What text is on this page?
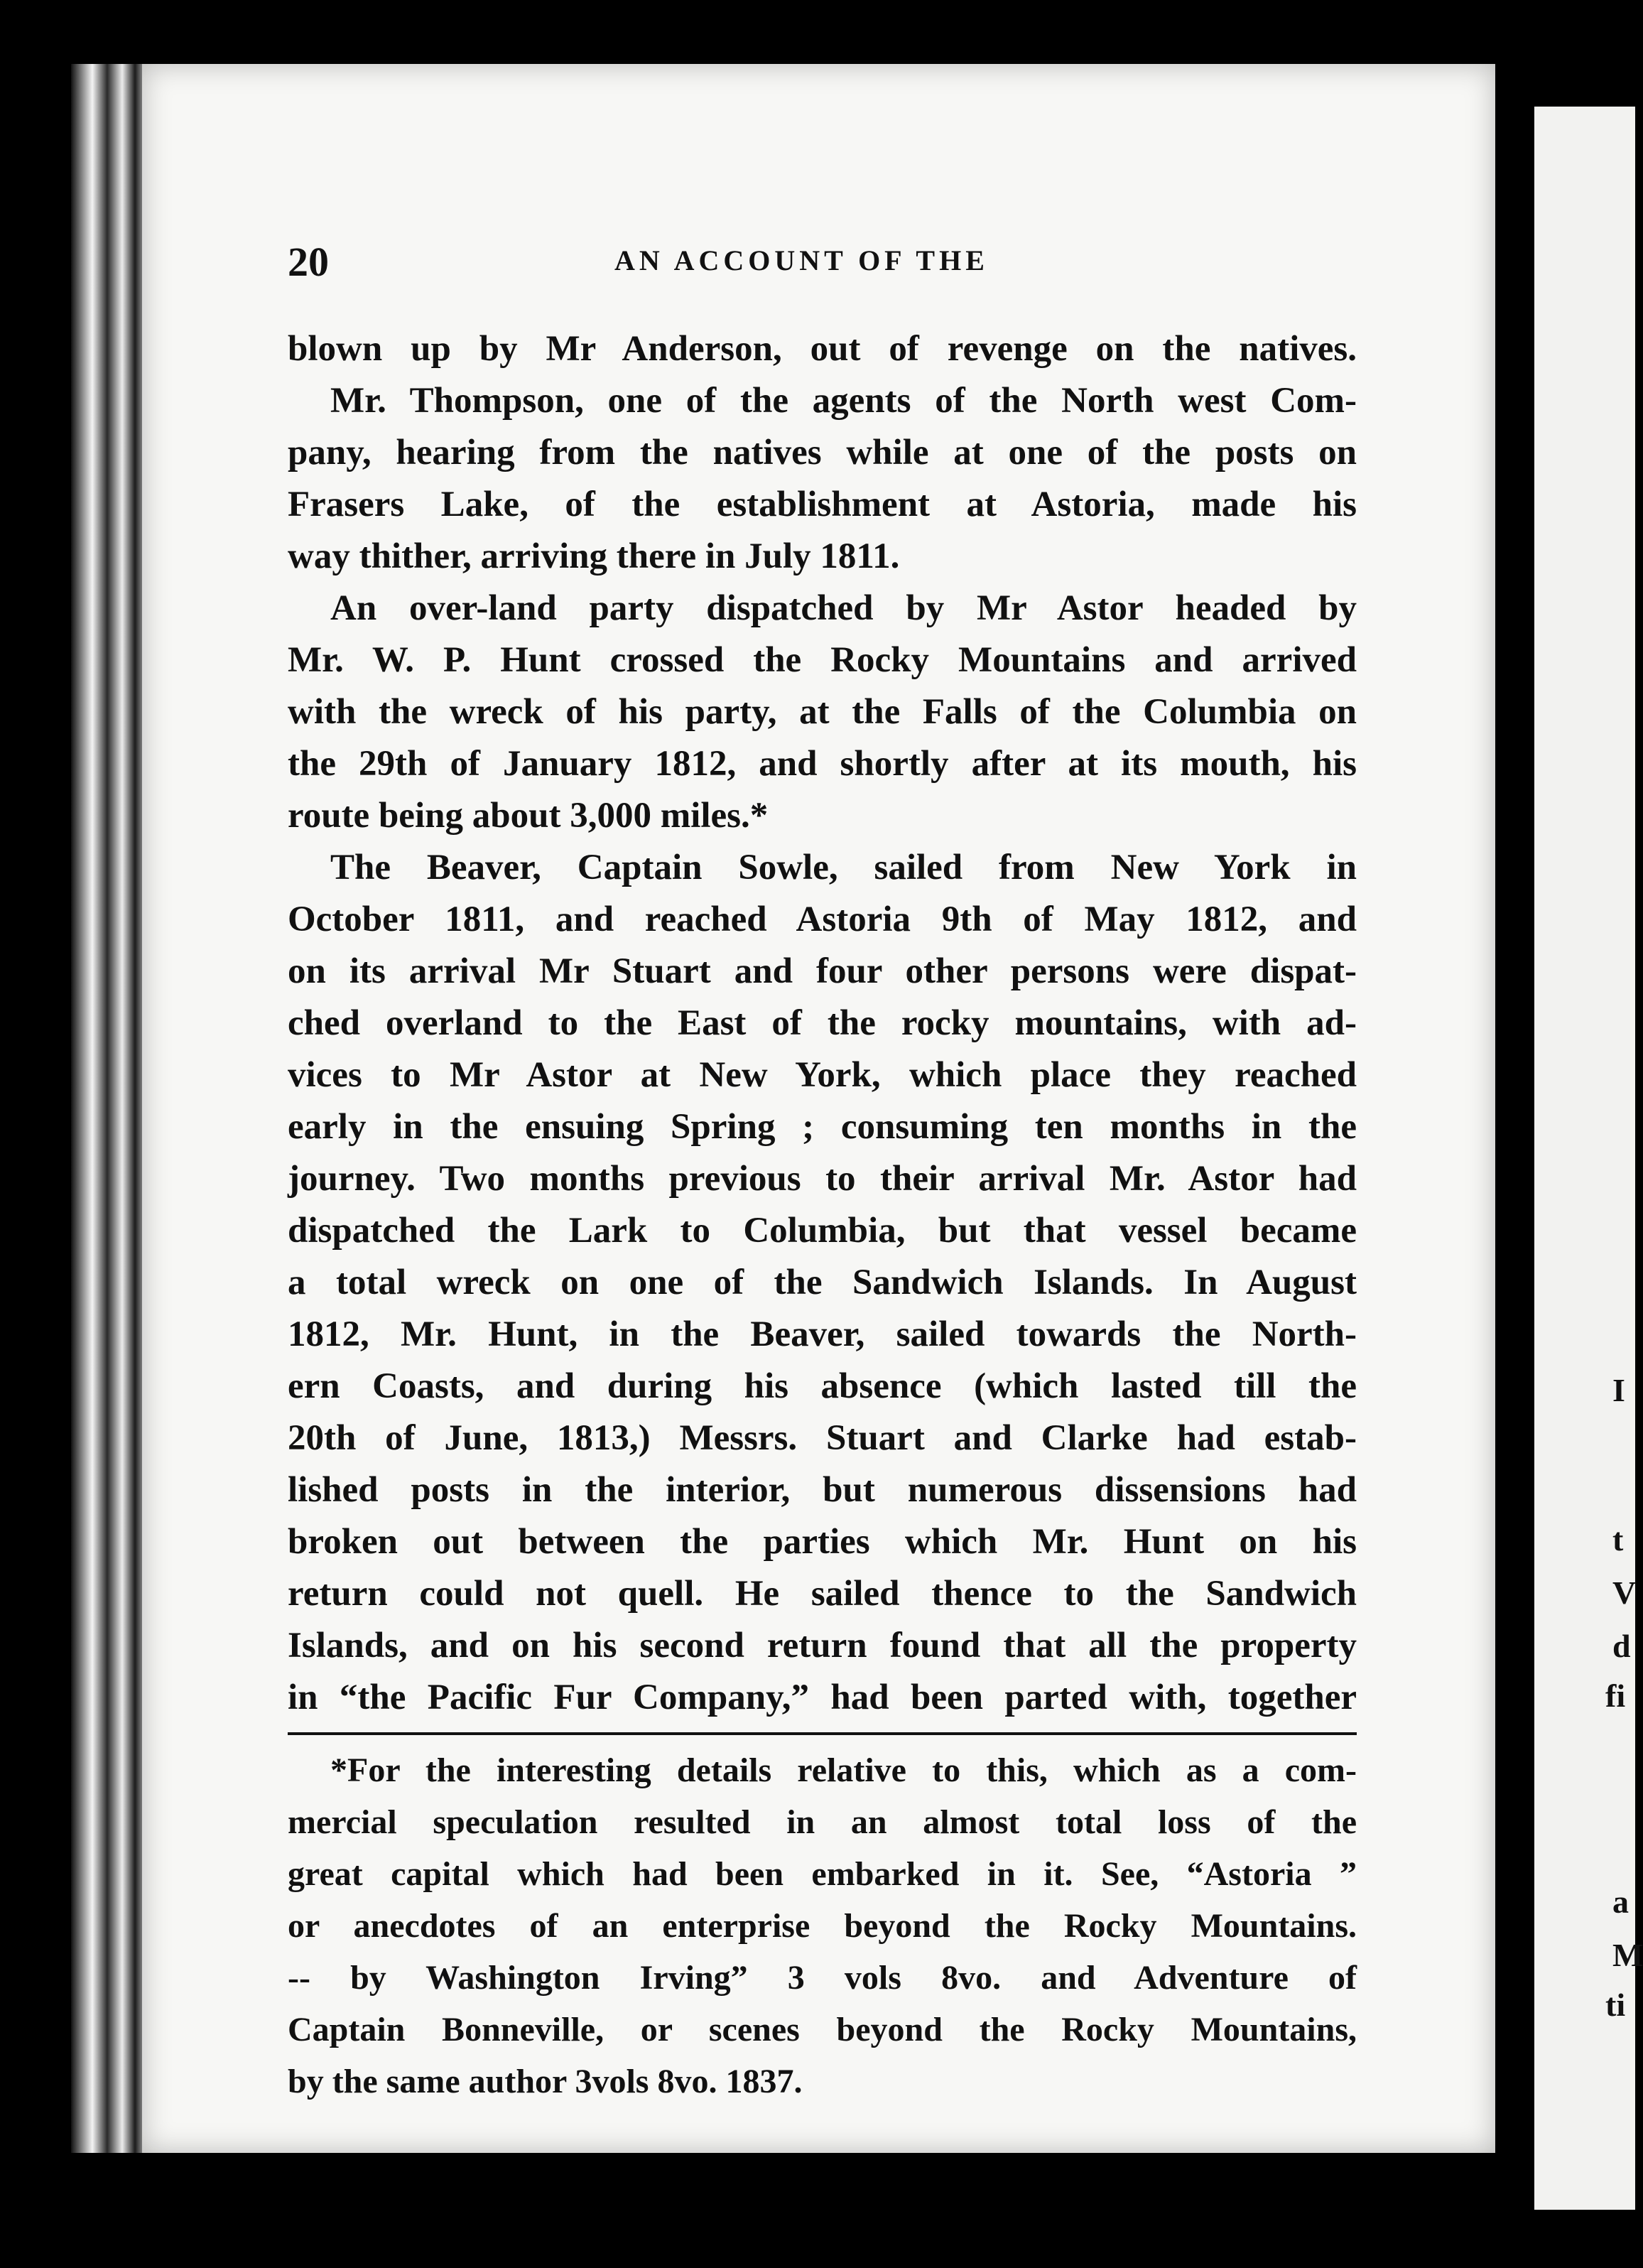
I
t
V
d
fi
a
M
ti
20	AN ACCOUNT OF THE
blown up by Mr Anderson, out of revenge on the natives.
Mr. Thompson, one of the agents of the North west Com-
pany, hearing from the natives while at one of the posts on
Frasers Lake, of the establishment at Astoria, made his
way thither, arriving there in July 1811.
An over-land party dispatched by Mr Astor headed by
Mr. W. P. Hunt crossed the Rocky Mountains and arrived
with the wreck of his party, at the Falls of the Columbia on
the 29th of January 1812, and shortly after at its mouth, his
route being about 3,000 miles.*
The Beaver, Captain Sowle, sailed from New York in
October 1811, and reached Astoria 9th of May 1812, and
on its arrival Mr Stuart and four other persons were dispat-
ched overland to the East of the rocky mountains, with ad-
vices to Mr Astor at New York, which place they reached
early in the ensuing Spring ; consuming ten months in the
journey. Two months previous to their arrival Mr. Astor had
dispatched the Lark to Columbia, but that vessel became
a total wreck on one of the Sandwich Islands. In August
1812, Mr. Hunt, in the Beaver, sailed towards the North-
ern Coasts, and during his absence (which lasted till the
20th of June, 1813,) Messrs. Stuart and Clarke had estab-
lished posts in the interior, but numerous dissensions had
broken out between the parties which Mr. Hunt on his
return could not quell. He sailed thence to the Sandwich
Islands, and on his second return found that all the property
in “the Pacific Fur Company,” had been parted with, together
*For the interesting details relative to this, which as a com-
mercial speculation resulted in an almost total loss of the
great capital which had been embarked in it. See, “Astoria ”
or anecdotes of an enterprise beyond the Rocky Mountains.
-- by Washington Irving” 3 vols 8vo. and Adventure of
Captain Bonneville, or scenes beyond the Rocky Mountains,
by the same author 3vols 8vo. 1837.
